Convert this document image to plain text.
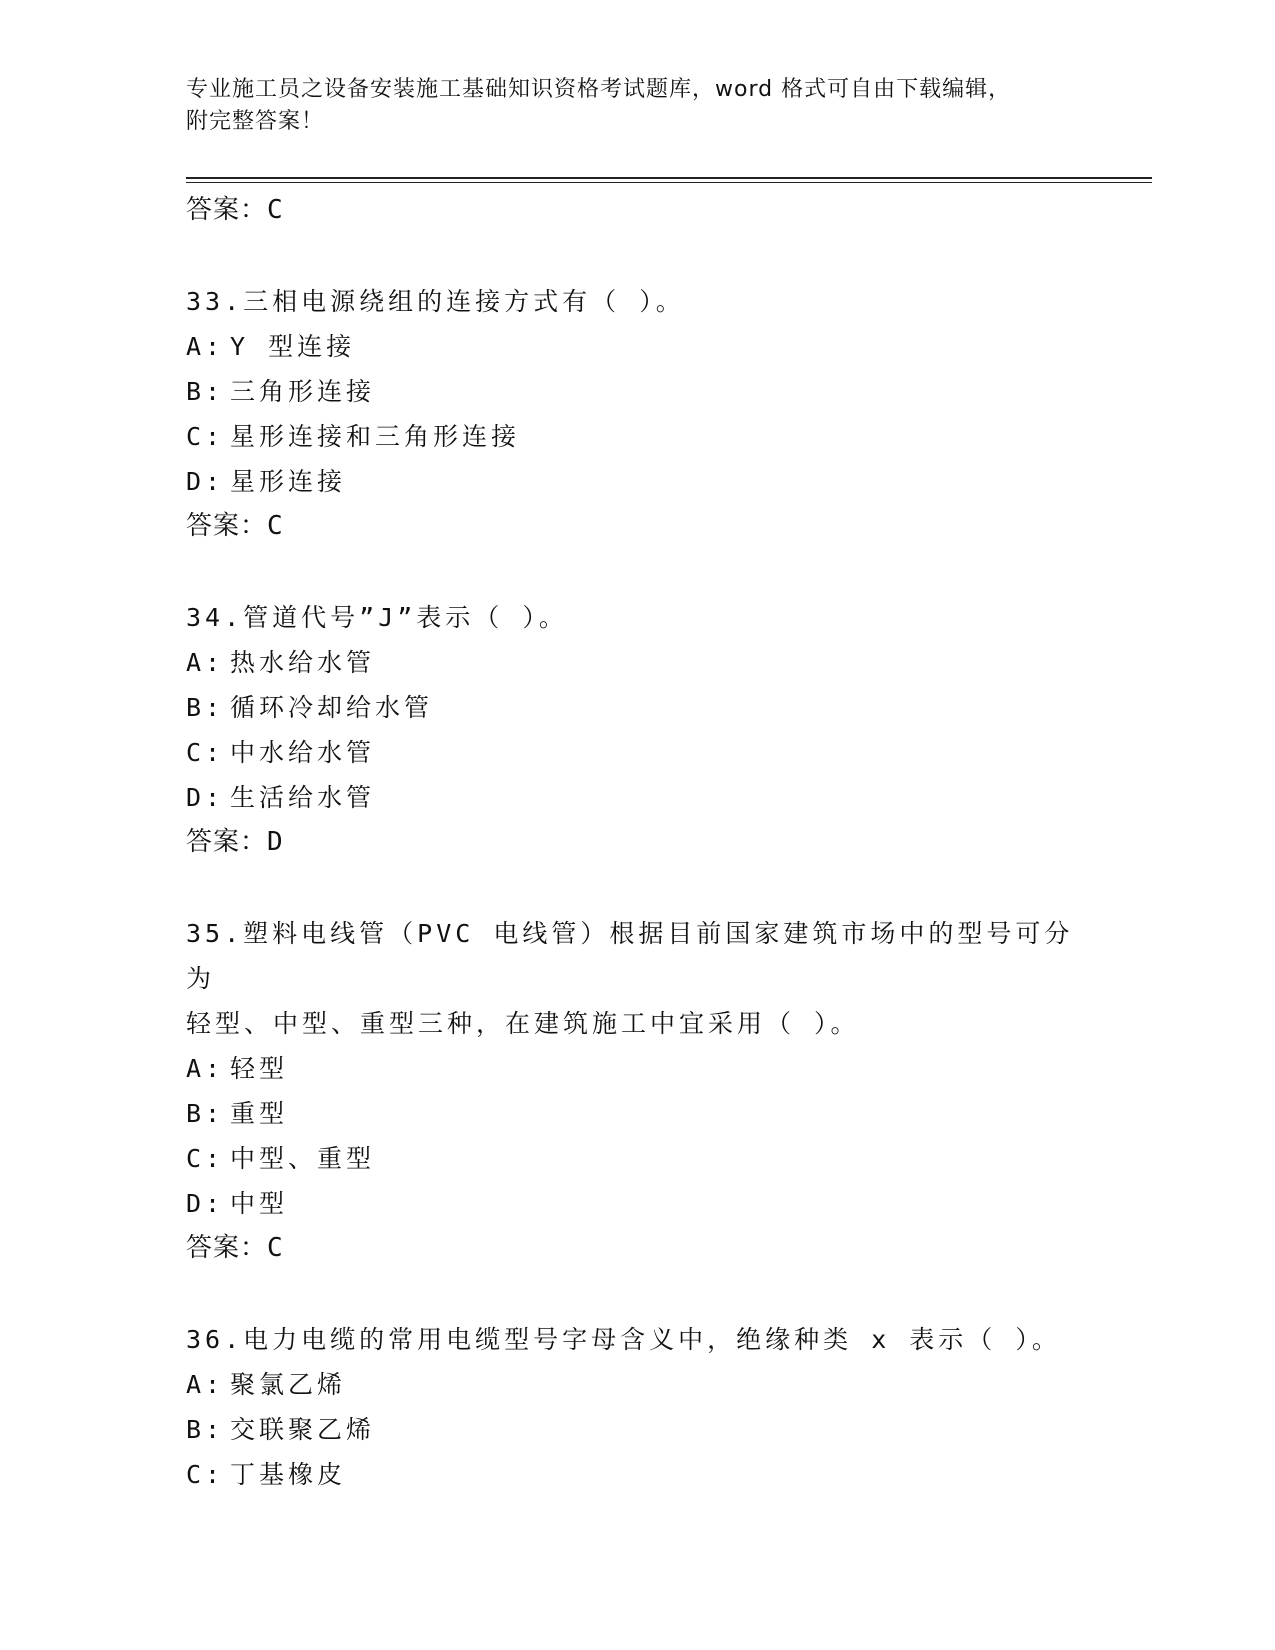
专业施工员之设备安装施工基础知识资格考试题库，word 格式可自由下载编辑，
附完整答案！
答案：C
33.三相电源绕组的连接方式有（ ）。
A: Y 型连接
B: 三角形连接
C: 星形连接和三角形连接
D: 星形连接
答案：C
34.管道代号”J”表示（ ）。
A: 热水给水管
B: 循环冷却给水管
C: 中水给水管
D: 生活给水管
答案：D
35.塑料电线管（PVC 电线管）根据目前国家建筑市场中的型号可分为
轻型、中型、重型三种，在建筑施工中宜采用（ ）。
A: 轻型
B: 重型
C: 中型、重型
D: 中型
答案：C
36.电力电缆的常用电缆型号字母含义中，绝缘种类 x 表示（ ）。
A: 聚氯乙烯
B: 交联聚乙烯
C: 丁基橡皮
